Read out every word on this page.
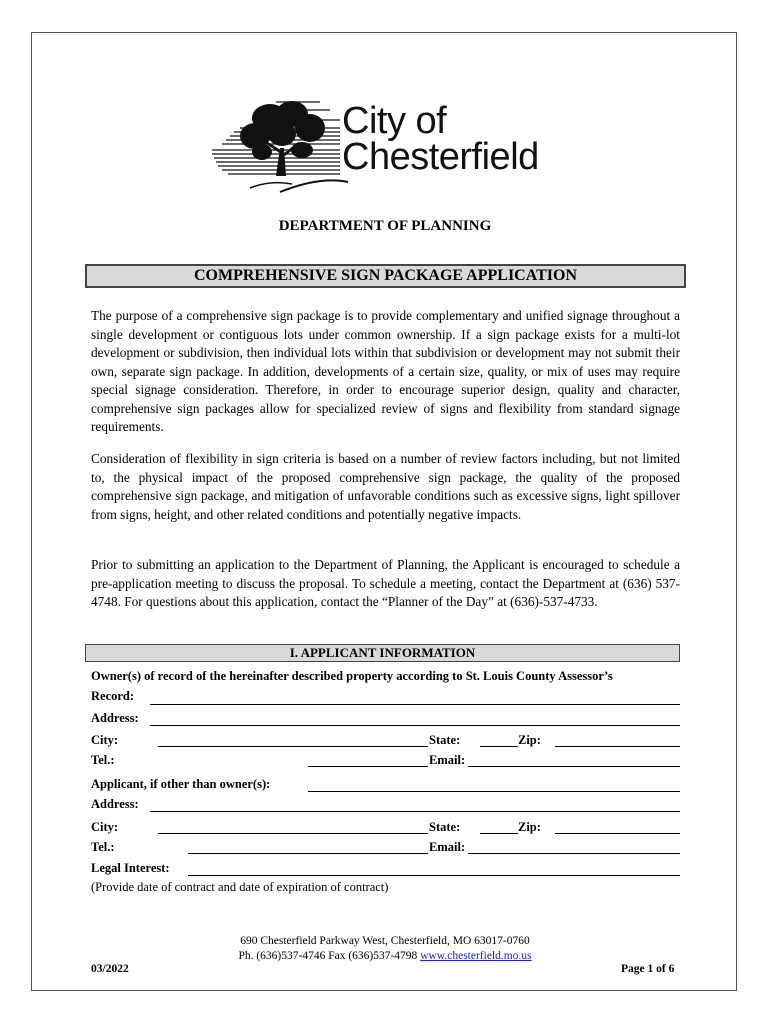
City of
Chesterfield
DEPARTMENT OF PLANNING
COMPREHENSIVE SIGN PACKAGE APPLICATION
The purpose of a comprehensive sign package is to provide complementary and unified signage throughout a single development or contiguous lots under common ownership. If a sign package exists for a multi-lot development or subdivision, then individual lots within that subdivision or development may not submit their own, separate sign package. In addition, developments of a certain size, quality, or mix of uses may require special signage consideration. Therefore, in order to encourage superior design, quality and character, comprehensive sign packages allow for specialized review of signs and flexibility from standard signage requirements.
Consideration of flexibility in sign criteria is based on a number of review factors including, but not limited to, the physical impact of the proposed comprehensive sign package, the quality of the proposed comprehensive sign package, and mitigation of unfavorable conditions such as excessive signs, light spillover from signs, height, and other related conditions and potentially negative impacts.
Prior to submitting an application to the Department of Planning, the Applicant is encouraged to schedule a pre-application meeting to discuss the proposal. To schedule a meeting, contact the Department at (636) 537-4748. For questions about this application, contact the “Planner of the Day” at (636)-537-4733.
I. APPLICANT INFORMATION
Owner(s) of record of the hereinafter described property according to St. Louis County Assessor’s
Record:
Address:
City:	State:	Zip:
Tel.:	Email:
Applicant, if other than owner(s):
Address:
City:	State:	Zip:
Tel.:	Email:
Legal Interest:
(Provide date of contract and date of expiration of contract)
690 Chesterfield Parkway West, Chesterfield, MO 63017-0760
Ph. (636)537-4746 Fax (636)537-4798 www.chesterfield.mo.us
03/2022	Page 1 of 6
